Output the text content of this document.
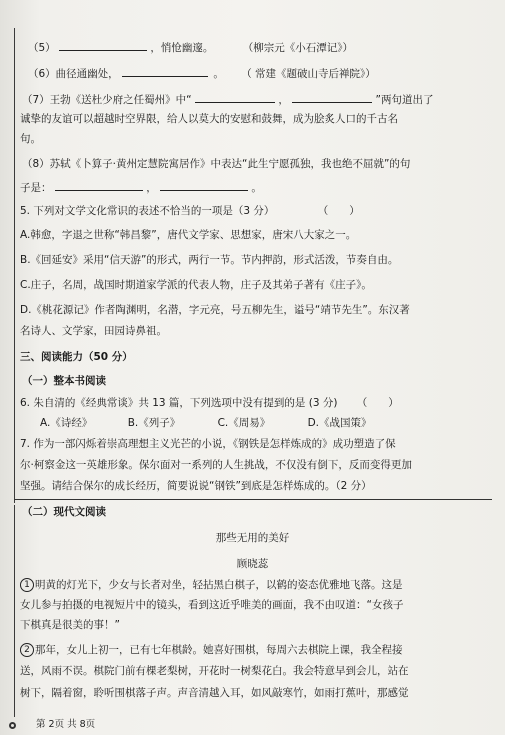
（5）	，悄怆幽邃。	（柳宗元《小石潭记》）
（6）曲径通幽处，	。 （ 常建《题破山寺后禅院》）
（7）王勃《送杜少府之任蜀州》中“	，	”两句道出了
诚挚的友谊可以超越时空界限，给人以莫大的安慰和鼓舞，成为脍炙人口的千古名
句。
（8）苏轼《卜算子·黄州定慧院寓居作》中表达“此生宁愿孤独，我也绝不屈就”的句
子是：	，	。
5. 下列对文学文化常识的表述不恰当的一项是（3 分）	（　　）
A.韩愈，字退之世称“韩昌黎”，唐代文学家、思想家，唐宋八大家之一。
B.《回延安》采用“信天游”的形式，两行一节。节内押韵，形式活泼，节奏自由。
C.庄子，名周，战国时期道家学派的代表人物，庄子及其弟子著有《庄子》。
D.《桃花源记》作者陶渊明，名潜，字元亮，号五柳先生，谥号“靖节先生”。东汉著
名诗人、文学家，田园诗鼻祖。
三、阅读能力（50 分）
（一）整本书阅读
6. 朱自清的《经典常谈》共 13 篇，下列选项中没有提到的是 (3 分) （　　）
A.《诗经》	B.《列子》	C.《周易》	D.《战国策》
7. 作为一部闪烁着崇高理想主义光芒的小说，《钢铁是怎样炼成的》成功塑造了保
尔·柯察金这一英雄形象。保尔面对一系列的人生挑战，不仅没有倒下，反而变得更加
坚强。请结合保尔的成长经历，简要说说“钢铁”到底是怎样炼成的。（2 分）
（二）现代文阅读
那些无用的美好
顾晓蕊
1 明黄的灯光下，少女与长者对坐，轻拈黑白棋子，以鹤的姿态优雅地飞落。这是
女儿参与拍摄的电视短片中的镜头，看到这近乎唯美的画面，我不由叹道：“女孩子
下棋真是很美的事！”
2 那年，女儿上初一，已有七年棋龄。她喜好围棋，每周六去棋院上课，我全程接
送，风雨不误。棋院门前有棵老梨树，开花时一树梨花白。我会特意早到会儿，站在
树下，隔着窗，聆听围棋落子声。声音清越入耳，如风敲寒竹，如雨打蕉叶，那感觉
第 2页 共 8页
